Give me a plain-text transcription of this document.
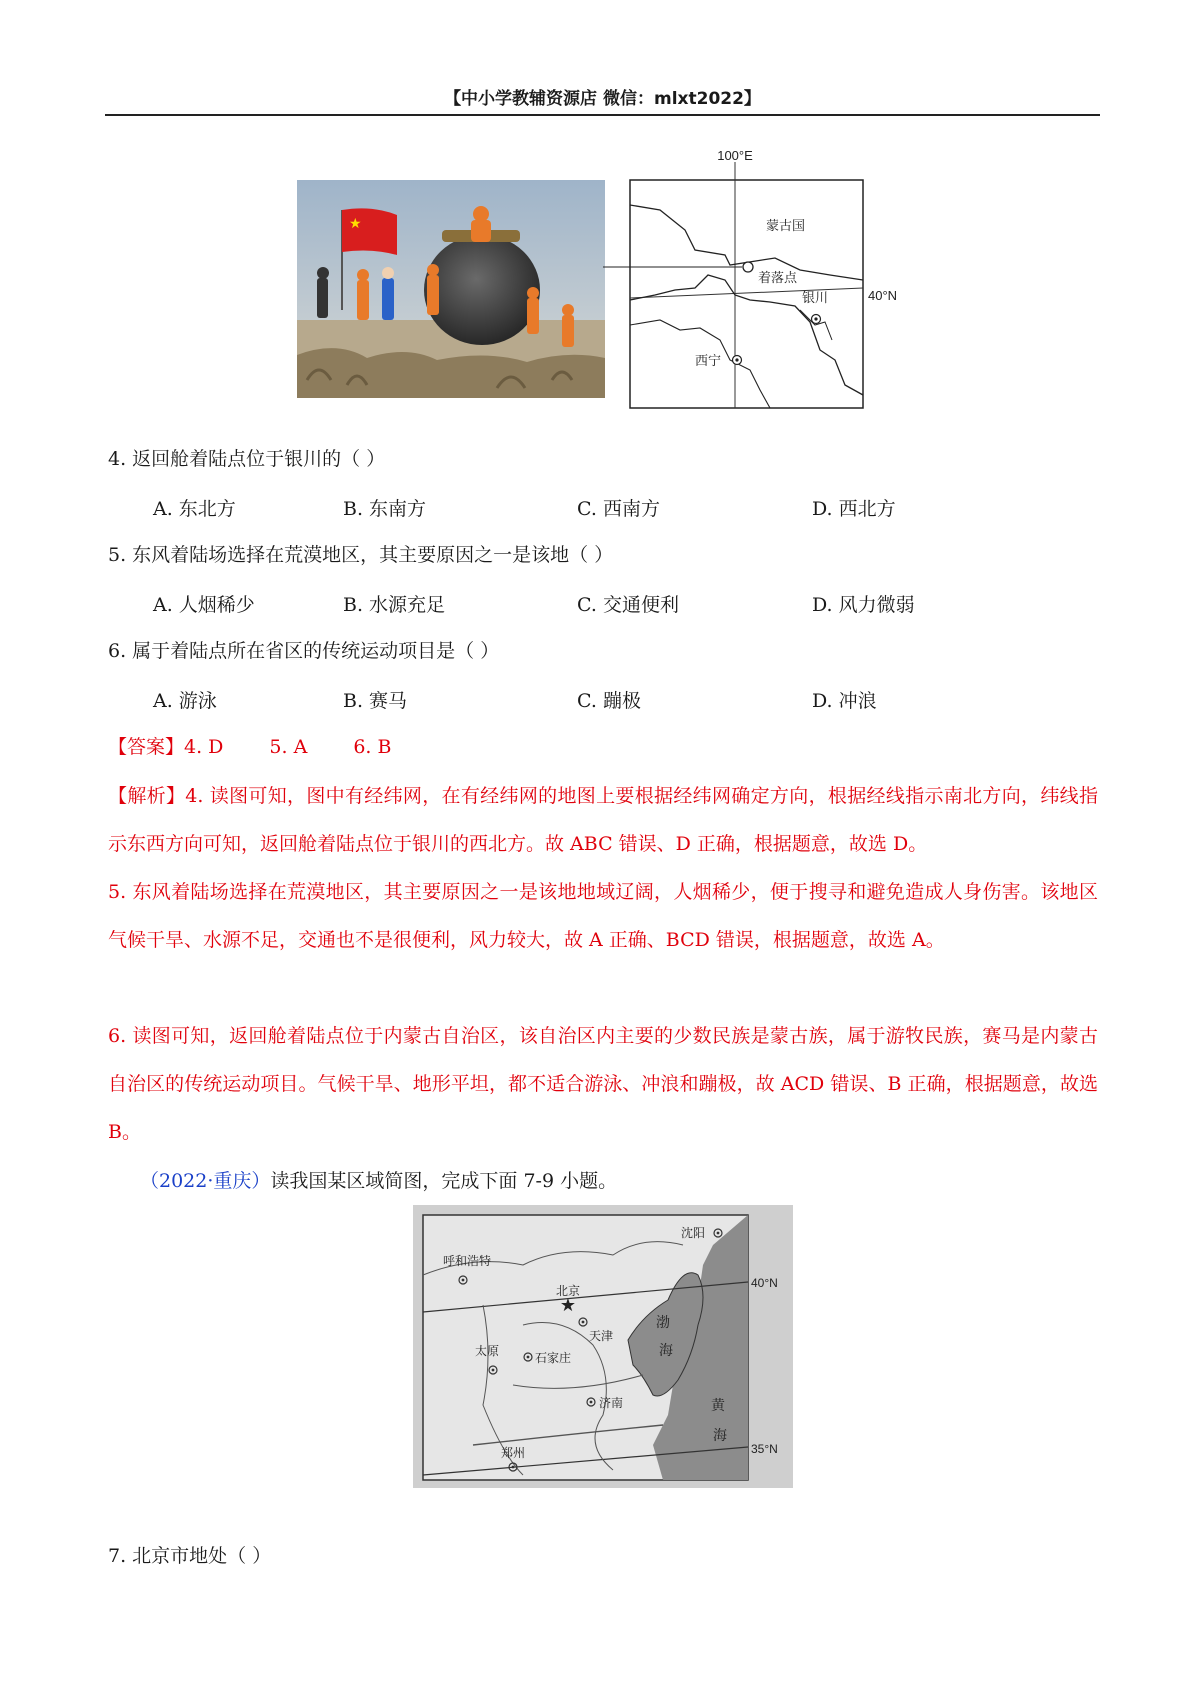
【中小学教辅资源店 微信：mlxt2022】
★
100°E
蒙古国
着落点
40°N
银川
西宁
4. 返回舱着陆点位于银川的（ ）
A. 东北方	B. 东南方	C. 西南方	D. 西北方
5. 东风着陆场选择在荒漠地区，其主要原因之一是该地（ ）
A. 人烟稀少	B. 水源充足	C. 交通便利	D. 风力微弱
6. 属于着陆点所在省区的传统运动项目是（ ）
A. 游泳	B. 赛马	C. 蹦极	D. 冲浪
【答案】4. D 5. A 6. B
【解析】4. 读图可知，图中有经纬网，在有经纬网的地图上要根据经纬网确定方向，根据经线指示南北方向，纬线指示东西方向可知，返回舱着陆点位于银川的西北方。故 ABC 错误、D 正确，根据题意，故选 D。
5. 东风着陆场选择在荒漠地区，其主要原因之一是该地地域辽阔，人烟稀少，便于搜寻和避免造成人身伤害。该地区气候干旱、水源不足，交通也不是很便利，风力较大，故 A 正确、BCD 错误，根据题意，故选 A。
6. 读图可知，返回舱着陆点位于内蒙古自治区，该自治区内主要的少数民族是蒙古族，属于游牧民族，赛马是内蒙古自治区的传统运动项目。气候干旱、地形平坦，都不适合游泳、冲浪和蹦极，故 ACD 错误、B 正确，根据题意，故选 B。
（2022·重庆）读我国某区域简图，完成下面 7-9 小题。
★
沈阳
呼和浩特
北京
天津
太原	石家庄
济南
郑州
渤
海
黄
海
40°N
35°N
7. 北京市地处（ ）
